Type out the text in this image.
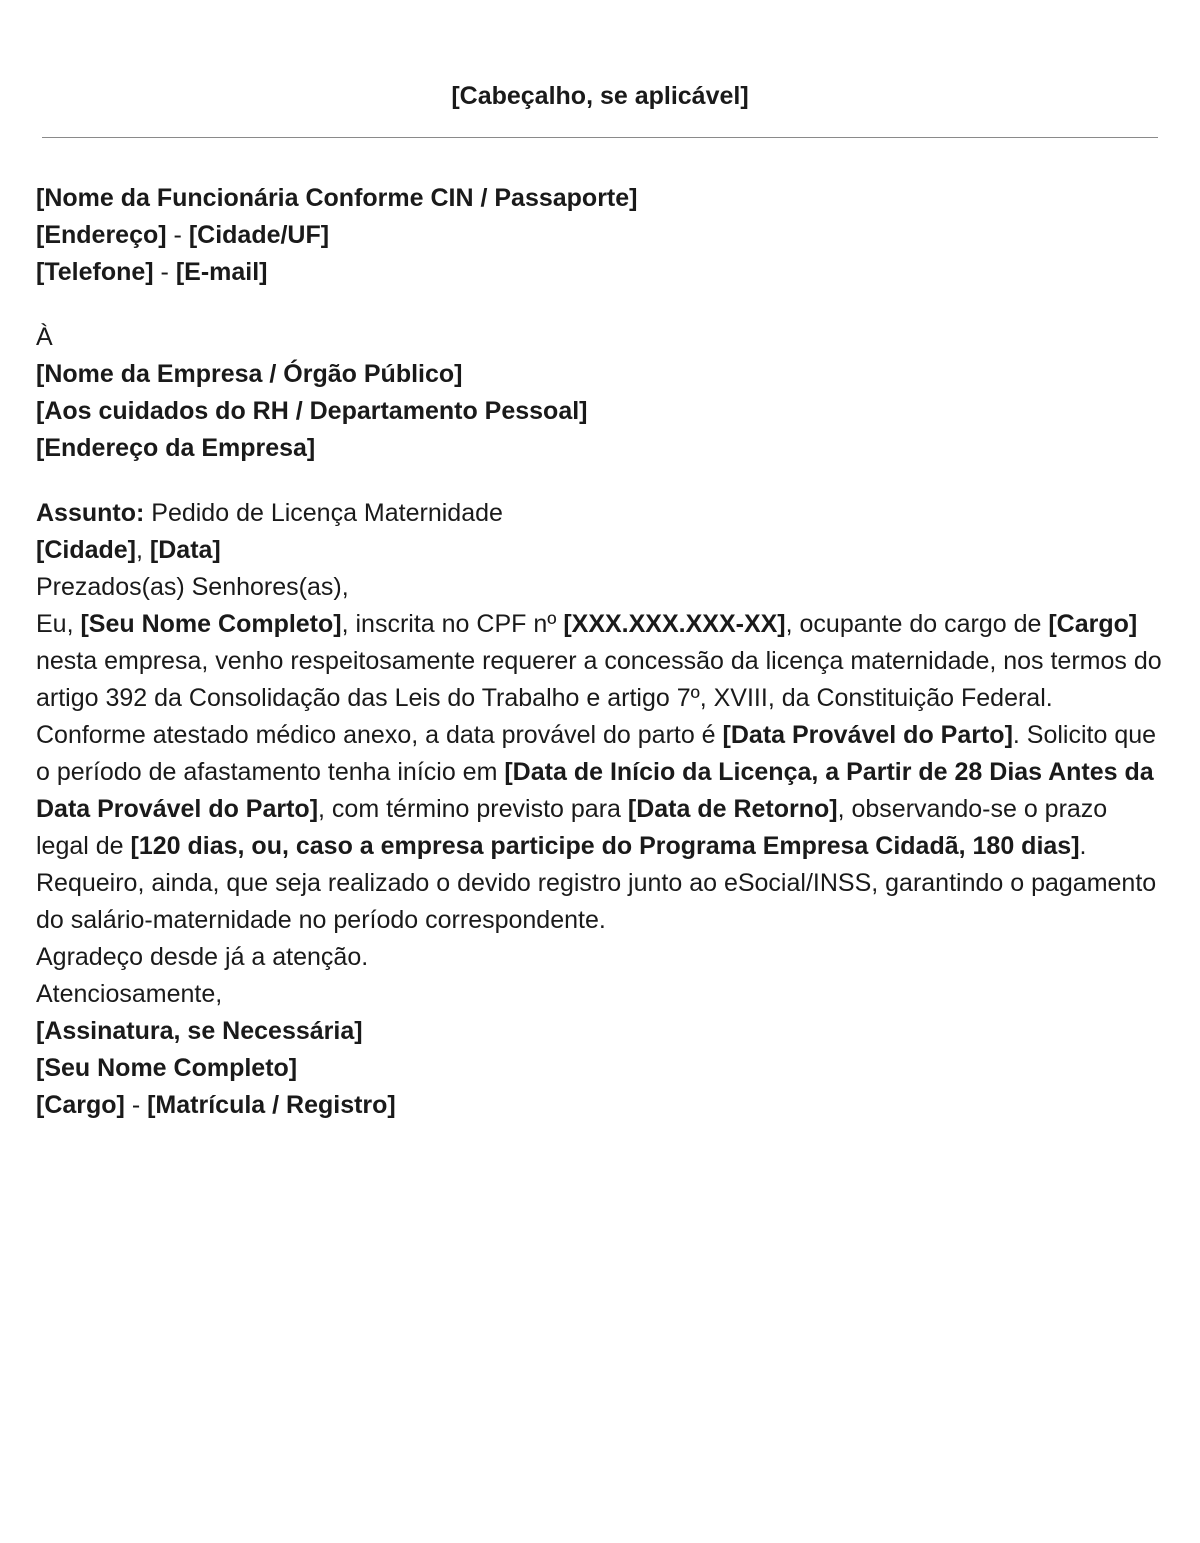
[Cabeçalho, se aplicável]

[Nome da Funcionária Conforme CIN / Passaporte]

[Endereço] - [Cidade/UF]

[Telefone] - [E-mail]

À

[Nome da Empresa / Órgão Público]

[Aos cuidados do RH / Departamento Pessoal]

[Endereço da Empresa]

Assunto: Pedido de Licença Maternidade

[Cidade], [Data]

Prezados(as) Senhores(as),

Eu, [Seu Nome Completo], inscrita no CPF nº [XXX.XXX.XXX-XX], ocupante do cargo de [Cargo] nesta empresa, venho respeitosamente requerer a concessão da licença maternidade, nos termos do artigo 392 da Consolidação das Leis do Trabalho e artigo 7º, XVIII, da Constituição Federal.

Conforme atestado médico anexo, a data provável do parto é [Data Provável do Parto]. Solicito que o período de afastamento tenha início em [Data de Início da Licença, a Partir de 28 Dias Antes da Data Provável do Parto], com término previsto para [Data de Retorno], observando-se o prazo legal de [120 dias, ou, caso a empresa participe do Programa Empresa Cidadã, 180 dias].

Requeiro, ainda, que seja realizado o devido registro junto ao eSocial/INSS, garantindo o pagamento do salário-maternidade no período correspondente.

Agradeço desde já a atenção.

Atenciosamente,

[Assinatura, se Necessária]

[Seu Nome Completo]

[Cargo] - [Matrícula / Registro]
